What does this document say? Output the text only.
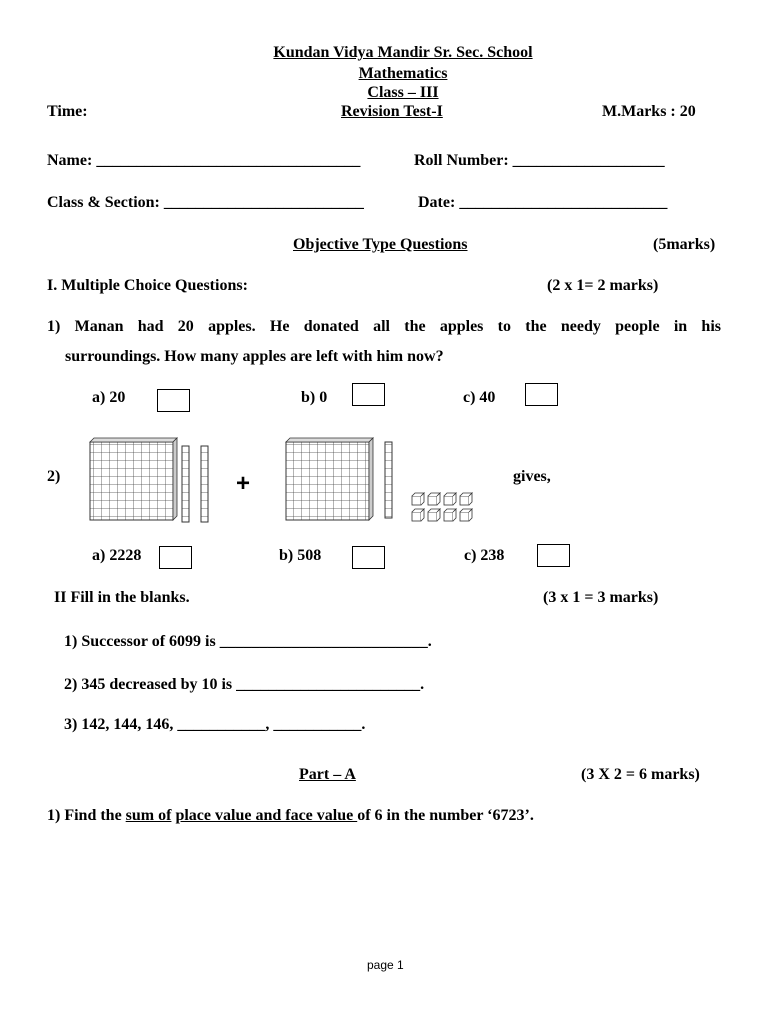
Kundan Vidya Mandir Sr. Sec. School
Mathematics
Class – III
Time:	Revision Test-I	M.Marks : 20
Name: _________________________________	Roll Number: ___________________
Class & Section: _________________________	Date: __________________________
Objective Type Questions	(5marks)
I. Multiple Choice Questions:	(2 x 1= 2 marks)
1) Manan had 20 apples. He donated all the apples to the needy people in his
surroundings. How many apples are left with him now?
a) 20	b) 0	c) 40
2)	+	gives,
a) 2228	b) 508	c) 238
II Fill in the blanks.	(3 x 1 = 3 marks)
1) Successor of 6099 is __________________________.
2) 345 decreased by 10 is _______________________.
3) 142, 144, 146, ___________, ___________.
Part – A	(3 X 2 = 6 marks)
1) Find the sum of place value and face value of 6 in the number ‘6723’.
page 1
